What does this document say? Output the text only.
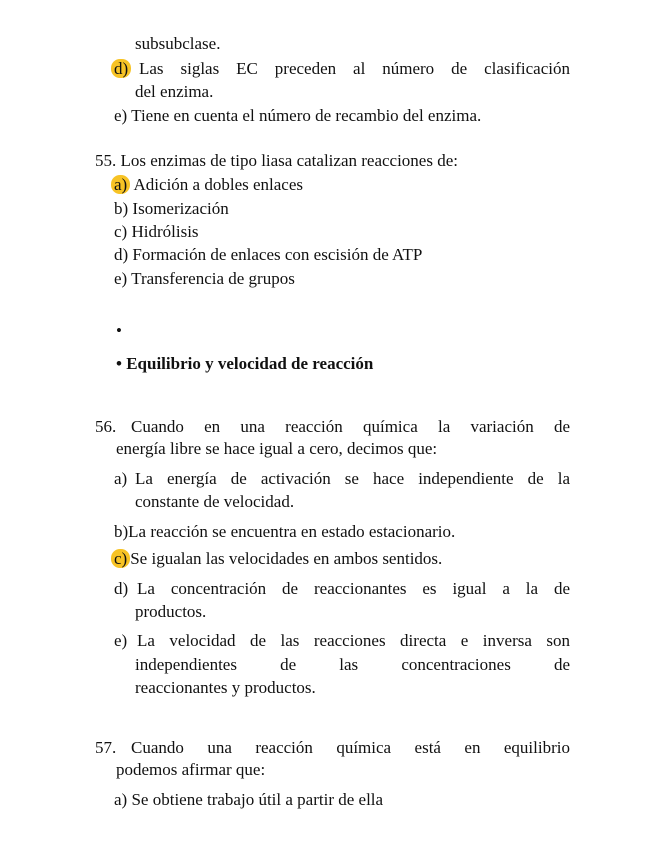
subsubclase.
d) Las siglas EC preceden al número de clasificación
del enzima.
e) Tiene en cuenta el número de recambio del enzima.
55. Los enzimas de tipo liasa catalizan reacciones de:
a) Adición a dobles enlaces
b) Isomerización
c) Hidrólisis
d) Formación de enlaces con escisión de ATP
e) Transferencia de grupos
•
• Equilibrio y velocidad de reacción
56. Cuando en una reacción química la variación de
energía libre se hace igual a cero, decimos que:
a) La energía de activación se hace independiente de la
constante de velocidad.
b)La reacción se encuentra en estado estacionario.
c) Se igualan las velocidades en ambos sentidos.
d) La concentración de reaccionantes es igual a la de
productos.
e) La velocidad de las reacciones directa e inversa son
independientes de las concentraciones de
reaccionantes y productos.
57. Cuando una reacción química está en equilibrio
podemos afirmar que:
a) Se obtiene trabajo útil a partir de ella
